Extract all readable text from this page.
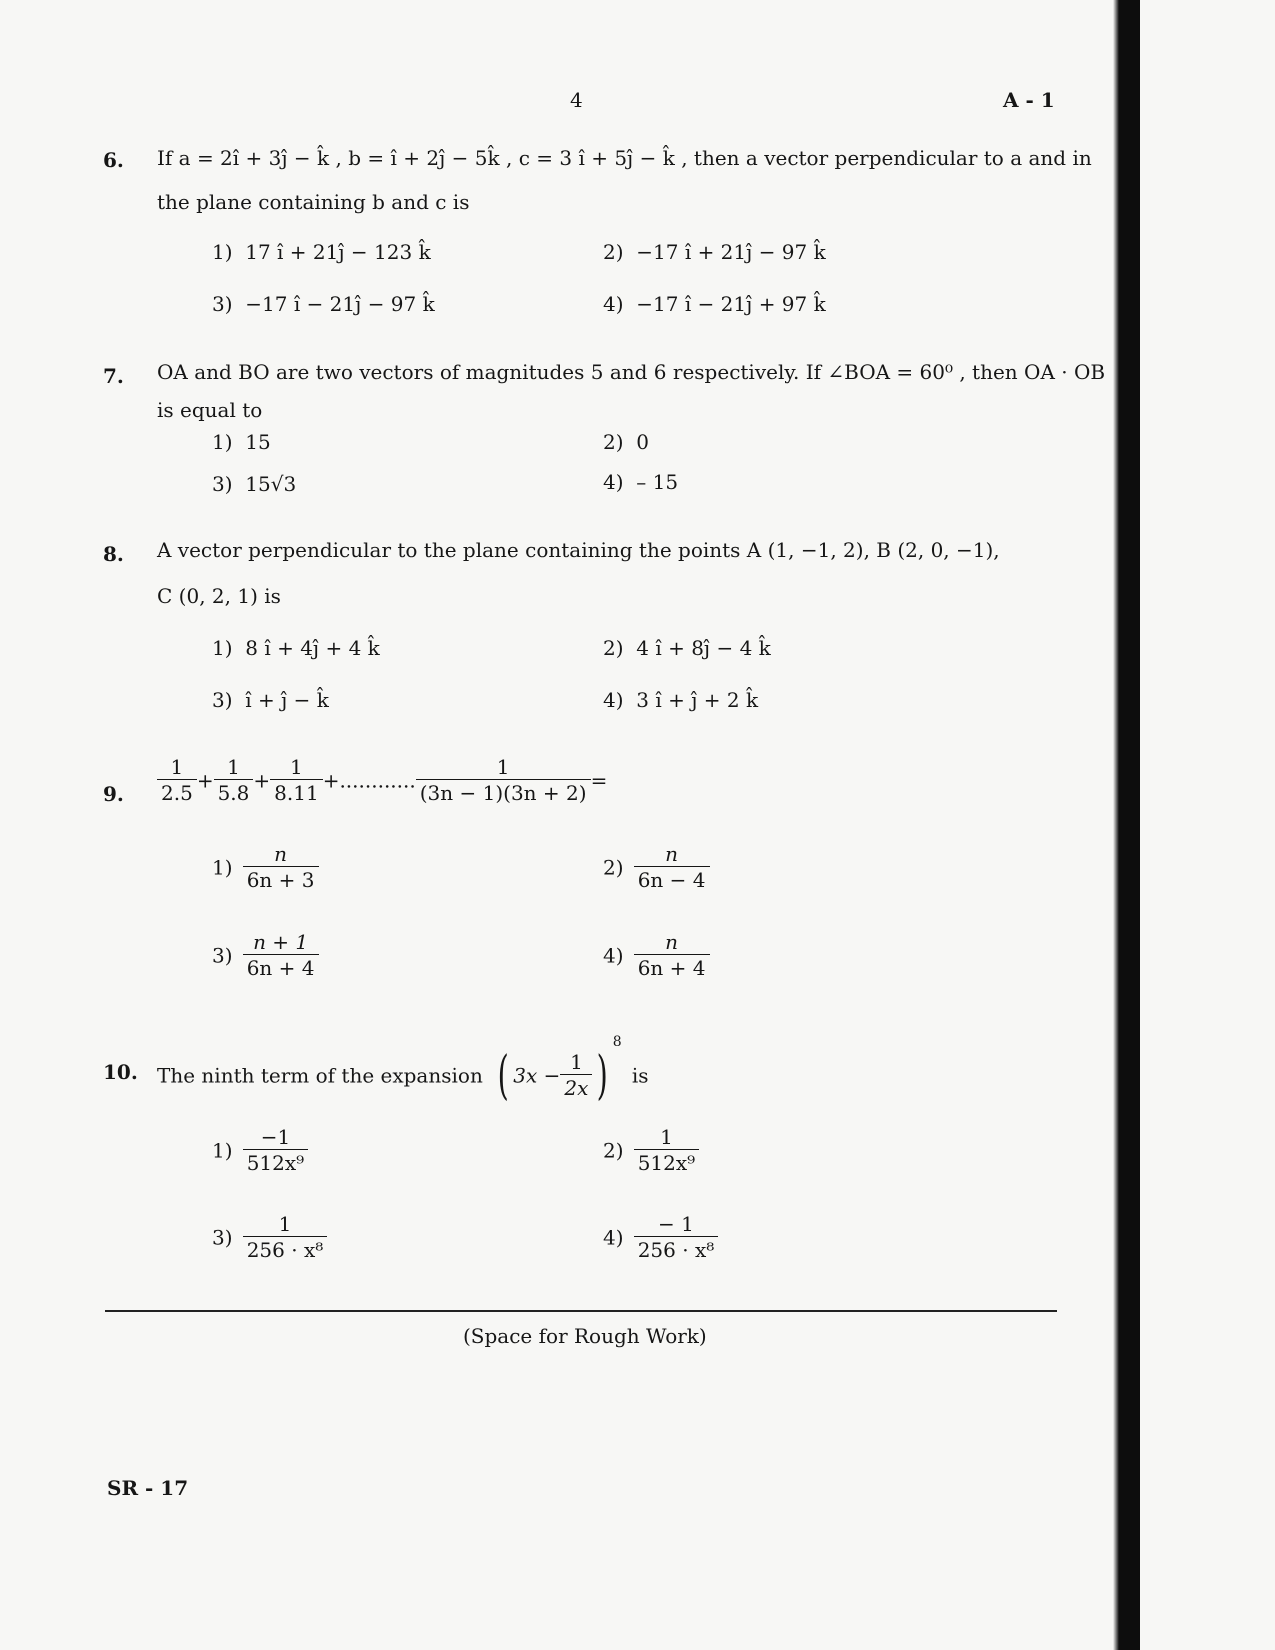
4	A - 1
6. If a = 2î + 3ĵ − k̂ , b = î + 2ĵ − 5k̂ , c = 3 î + 5ĵ − k̂ , then a vector perpendicular to a and in
the plane containing b and c is
1) 17 î + 21ĵ − 123 k̂	2) −17 î + 21ĵ − 97 k̂
3) −17 î − 21ĵ − 97 k̂	4) −17 î − 21ĵ + 97 k̂
7. OA and BO are two vectors of magnitudes 5 and 6 respectively. If ∠BOA = 60⁰ , then OA · OB
is equal to
1) 15	2) 0
3) 15√3	4) – 15
8. A vector perpendicular to the plane containing the points A (1, −1, 2), B (2, 0, −1),
C (0, 2, 1) is
1) 8 î + 4ĵ + 4 k̂	2) 4 î + 8ĵ − 4 k̂
3) î + ĵ − k̂	4) 3 î + ĵ + 2 k̂
9. $\frac{1}{2.5} + \frac{1}{5.8} + \frac{1}{8.11}$ +............ $\frac{1}{(3n - 1)(3n + 2)}$ =
$1) \frac{n}{6n + 3}$	$2) \frac{n}{6n - 4}$
$3) \frac{n + 1}{6n + 4}$	$4) \frac{n}{6n + 4}$
10. The ninth term of the expansion ( $3x - \frac{1}{2x} )8$  is
$1) \frac{-1}{\text{512x⁹}}$	$2) \frac{1}{\text{512x⁹}}$
$3) \frac{1}{\text{256 · x⁸}}$	$4) \frac{- 1}{\text{256 · x⁸}}$
(Space for Rough Work)
SR - 17
